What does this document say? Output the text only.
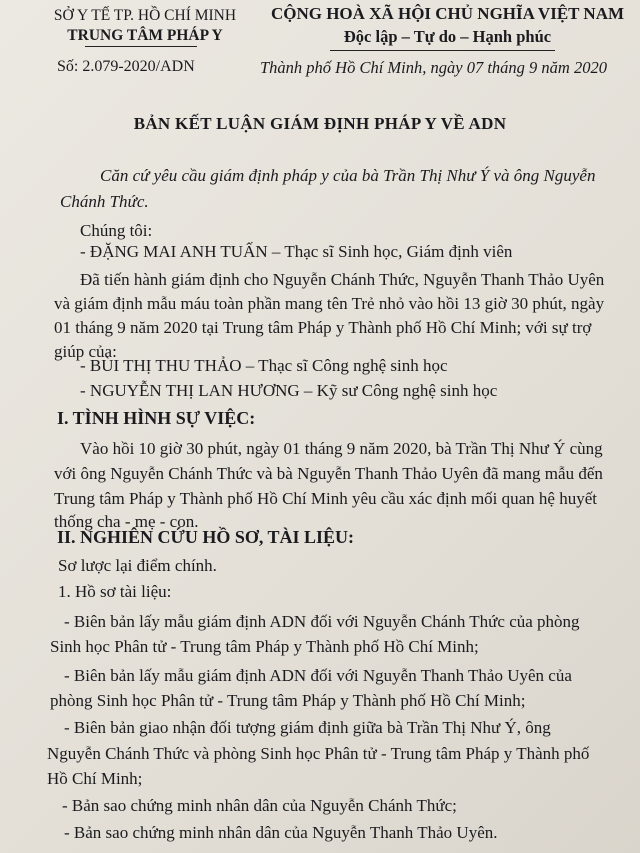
SỞ Y TẾ TP. HỒ CHÍ MINH
TRUNG TÂM PHÁP Y
Số: 2.079-2020/ADN
CỘNG HOÀ XÃ HỘI CHỦ NGHĨA VIỆT NAM
Độc lập – Tự do – Hạnh phúc
Thành phố Hồ Chí Minh, ngày 07 tháng 9 năm 2020
BẢN KẾT LUẬN GIÁM ĐỊNH PHÁP Y VỀ ADN
Căn cứ yêu cầu giám định pháp y của bà Trần Thị Như Ý và ông Nguyễn
Chánh Thức.
Chúng tôi:
- ĐẶNG MAI ANH TUẤN – Thạc sĩ Sinh học, Giám định viên
Đã tiến hành giám định cho Nguyễn Chánh Thức, Nguyễn Thanh Thảo Uyên
và giám định mẫu máu toàn phần mang tên Trẻ nhỏ vào hồi 13 giờ 30 phút, ngày
01 tháng 9 năm 2020 tại Trung tâm Pháp y Thành phố Hồ Chí Minh; với sự trợ
giúp của:
- BÙI THỊ THU THẢO – Thạc sĩ Công nghệ sinh học
- NGUYỄN THỊ LAN HƯƠNG – Kỹ sư Công nghệ sinh học
I. TÌNH HÌNH SỰ VIỆC:
Vào hồi 10 giờ 30 phút, ngày 01 tháng 9 năm 2020, bà Trần Thị Như Ý cùng
với ông Nguyễn Chánh Thức và bà Nguyễn Thanh Thảo Uyên đã mang mẫu đến
Trung tâm Pháp y Thành phố Hồ Chí Minh yêu cầu xác định mối quan hệ huyết
thống cha - mẹ - con.
II. NGHIÊN CỨU HỒ SƠ, TÀI LIỆU:
Sơ lược lại điểm chính.
1. Hồ sơ tài liệu:
- Biên bản lấy mẫu giám định ADN đối với Nguyễn Chánh Thức của phòng
Sinh học Phân tử - Trung tâm Pháp y Thành phố Hồ Chí Minh;
- Biên bản lấy mẫu giám định ADN đối với Nguyễn Thanh Thảo Uyên của
phòng Sinh học Phân tử - Trung tâm Pháp y Thành phố Hồ Chí Minh;
- Biên bản giao nhận đối tượng giám định giữa bà Trần Thị Như Ý, ông
Nguyễn Chánh Thức và phòng Sinh học Phân tử - Trung tâm Pháp y Thành phố
Hồ Chí Minh;
- Bản sao chứng minh nhân dân của Nguyễn Chánh Thức;
- Bản sao chứng minh nhân dân của Nguyễn Thanh Thảo Uyên.
